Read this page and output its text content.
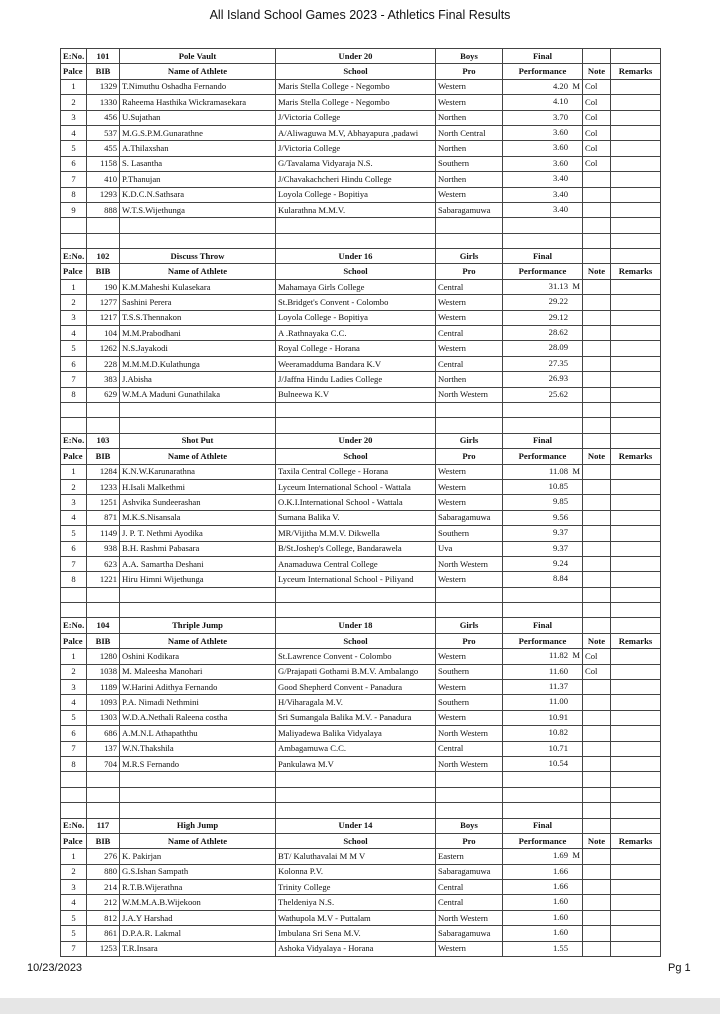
All Island School Games 2023 - Athletics Final Results
E:No.	101	Pole Vault	Under 20	Boys	Final		
Palce	BIB	Name of Athlete	School	Pro	Performance	Note	Remarks
1	1329	T.Nimuthu Oshadha Fernando	Maris Stella College - Negombo	Western	4.20 M	Col	
2	1330	Raheema Hasthika Wickramasekara	Maris Stella College - Negombo	Western	4.10	Col	
3	456	U.Sujathan	J/Victoria College	Northen	3.70	Col	
4	537	M.G.S.P.M.Gunarathne	A/Aliwaguwa M.V, Abhayapura ,padawi	North Central	3.60	Col	
5	455	A.Thilaxshan	J/Victoria College	Northen	3.60	Col	
6	1158	S. Lasantha	G/Tavalama Vidyaraja N.S.	Southern	3.60	Col	
7	410	P.Thanujan	J/Chavakachcheri Hindu College	Northen	3.40		

8	1293	K.D.C.N.Sathsara	Loyola College - Bopitiya	Western	3.40		

9	888	W.T.S.Wijethunga	Kularathna M.M.V.	Sabaragamuwa	3.40		

E:No.	102	Discuss Throw	Under 16	Girls	Final		
Palce	BIB	Name of Athlete	School	Pro	Performance	Note	Remarks
1	190	K.M.Maheshi Kulasekara	Mahamaya Girls College	Central	31.13 M		

2	1277	Sashini Perera	St.Bridget's Convent - Colombo	Western	29.22		

3	1217	T.S.S.Thennakon	Loyola College - Bopitiya	Western	29.12		

4	104	M.M.Prabodhani	A .Rathnayaka C.C.	Central	28.62		

5	1262	N.S.Jayakodi	Royal College - Horana	Western	28.09		

6	228	M.M.M.D.Kulathunga	Weeramadduma Bandara K.V	Central	27.35		

7	383	J.Abisha	J/Jaffna Hindu Ladies College	Northen	26.93		

8	629	W.M.A Maduni Gunathilaka	Bulneewa K.V	North Western	25.62		

E:No.	103	Shot Put	Under 20	Girls	Final		
Palce	BIB	Name of Athlete	School	Pro	Performance	Note	Remarks
1	1284	K.N.W.Karunarathna	Taxila Central College - Horana	Western	11.08 M		

2	1233	H.Isali Malkethmi	Lyceum International School - Wattala	Western	10.85		

3	1251	Ashvika Sundeerashan	O.K.I.International School - Wattala	Western	9.85		

4	871	M.K.S.Nisansala	Sumana Balika V.	Sabaragamuwa	9.56		

5	1149	J. P. T. Nethmi Ayodika	MR/Vijitha M.M.V. Dikwella	Southern	9.37		

6	938	B.H. Rashmi Pabasara	B/St.Joshep's College, Bandarawela	Uva	9.37		

7	623	A.A. Samartha Deshani	Anamaduwa Central College	North Western	9.24		

8	1221	Hiru Himni Wijethunga	Lyceum International School - Piliyand	Western	8.84		

E:No.	104	Thriple Jump	Under 18	Girls	Final		
Palce	BIB	Name of Athlete	School	Pro	Performance	Note	Remarks
1	1280	Oshini Kodikara	St.Lawrence Convent - Colombo	Western	11.82 M	Col	
2	1038	M. Maleesha Manohari	G/Prajapati Gothami B.M.V. Ambalango	Southern	11.60	Col	
3	1189	W.Harini Adithya Fernando	Good Shepherd Convent - Panadura	Western	11.37		

4	1093	P.A. Nimadi Nethmini	H/Viharagala M.V.	Southern	11.00		

5	1303	W.D.A.Nethali Raleena costha	Sri Sumangala Balika M.V. - Panadura	Western	10.91		

6	686	A.M.N.L Athapaththu	Maliyadewa Balika Vidyalaya	North Western	10.82		

7	137	W.N.Thakshila	Ambagamuwa C.C.	Central	10.71		

8	704	M.R.S Fernando	Pankulawa M.V	North Western	10.54		

E:No.	117	High Jump	Under 14	Boys	Final		
Palce	BIB	Name of Athlete	School	Pro	Performance	Note	Remarks
1	276	K. Pakirjan	BT/ Kaluthavalai M M V	Eastern	1.69 M		

2	880	G.S.Ishan Sampath	Kolonna P.V.	Sabaragamuwa	1.66		

3	214	R.T.B.Wijerathna	Trinity College	Central	1.66		

4	212	W.M.M.A.B.Wijekoon	Theldeniya N.S.	Central	1.60		

5	812	J.A.Y Harshad	Wathupola M.V - Puttalam	North Western	1.60		

5	861	D.P.A.R. Lakmal	Imbulana Sri Sena M.V.	Sabaragamuwa	1.60		

7	1253	T.R.Insara	Ashoka Vidyalaya - Horana	Western	1.55		

10/23/2023	Pg 1
